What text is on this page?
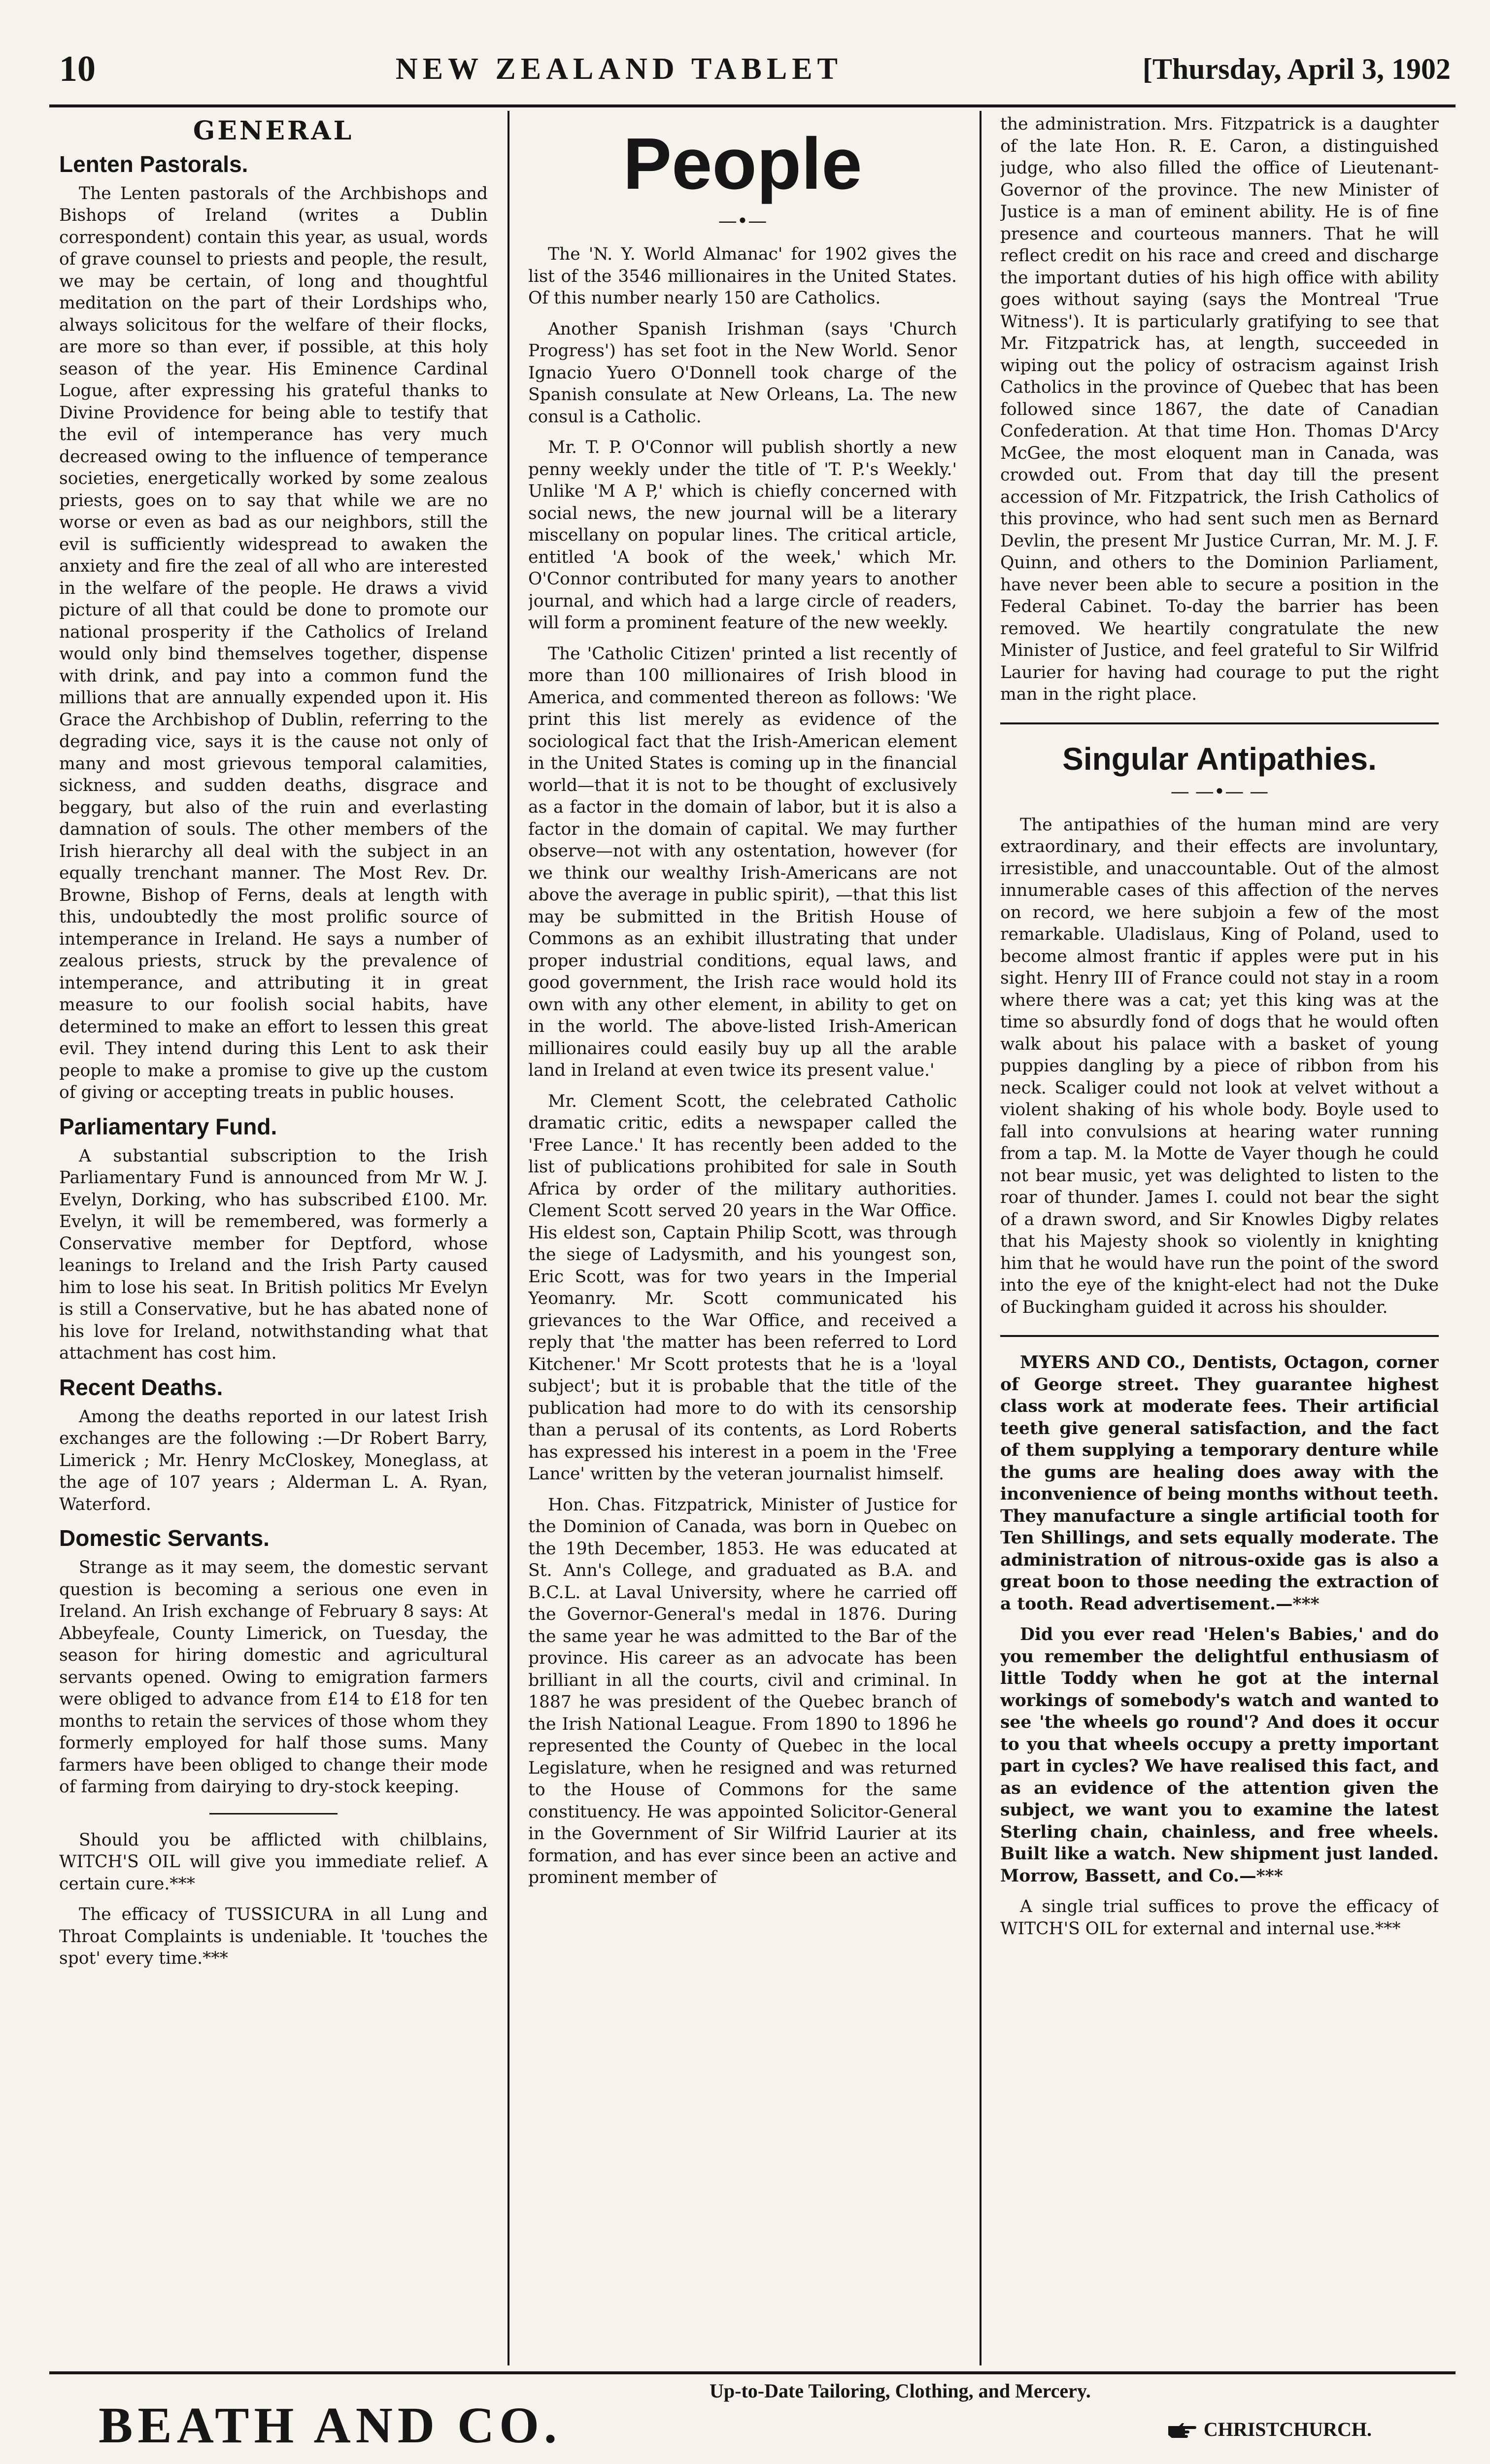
10	NEW ZEALAND TABLET	[Thursday, April 3, 1902
GENERAL
Lenten Pastorals.

The Lenten pastorals of the Archbishops and Bishops of Ireland (writes a Dublin correspondent) contain this year, as usual, words of grave counsel to priests and people, the result, we may be certain, of long and thoughtful meditation on the part of their Lordships who, always solicitous for the welfare of their flocks, are more so than ever, if possible, at this holy season of the year. His Eminence Cardinal Logue, after expressing his grateful thanks to Divine Providence for being able to testify that the evil of intemperance has very much decreased owing to the influence of temperance societies, energetically worked by some zealous priests, goes on to say that while we are no worse or even as bad as our neighbors, still the evil is sufficiently widespread to awaken the anxiety and fire the zeal of all who are interested in the welfare of the people. He draws a vivid picture of all that could be done to promote our national prosperity if the Catholics of Ireland would only bind themselves together, dispense with drink, and pay into a common fund the millions that are annually expended upon it. His Grace the Archbishop of Dublin, referring to the degrading vice, says it is the cause not only of many and most grievous temporal calamities, sickness, and sudden deaths, disgrace and beggary, but also of the ruin and everlasting damnation of souls. The other members of the Irish hierarchy all deal with the subject in an equally trenchant manner. The Most Rev. Dr. Browne, Bishop of Ferns, deals at length with this, undoubtedly the most prolific source of intemperance in Ireland. He says a number of zealous priests, struck by the prevalence of intemperance, and attributing it in great measure to our foolish social habits, have determined to make an effort to lessen this great evil. They intend during this Lent to ask their people to make a promise to give up the custom of giving or accepting treats in public houses.

Parliamentary Fund.

A substantial subscription to the Irish Parliamentary Fund is announced from Mr W. J. Evelyn, Dorking, who has subscribed £100. Mr. Evelyn, it will be remembered, was formerly a Conservative member for Deptford, whose leanings to Ireland and the Irish Party caused him to lose his seat. In British politics Mr Evelyn is still a Conservative, but he has abated none of his love for Ireland, notwithstanding what that attachment has cost him.

Recent Deaths.

Among the deaths reported in our latest Irish exchanges are the following :—Dr Robert Barry, Limerick ; Mr. Henry McCloskey, Moneglass, at the age of 107 years ; Alderman L. A. Ryan, Waterford.

Domestic Servants.

Strange as it may seem, the domestic servant question is becoming a serious one even in Ireland. An Irish exchange of February 8 says: At Abbeyfeale, County Limerick, on Tuesday, the season for hiring domestic and agricultural servants opened. Owing to emigration farmers were obliged to advance from £14 to £18 for ten months to retain the services of those whom they formerly employed for half those sums. Many farmers have been obliged to change their mode of farming from dairying to dry-stock keeping.

Should you be afflicted with chilblains, WITCH'S OIL will give you immediate relief. A certain cure.***

The efficacy of TUSSICURA in all Lung and Throat Complaints is undeniable. It 'touches the spot' every time.***

People
—•—

The 'N. Y. World Almanac' for 1902 gives the list of the 3546 millionaires in the United States. Of this number nearly 150 are Catholics.

Another Spanish Irishman (says 'Church Progress') has set foot in the New World. Senor Ignacio Yuero O'Donnell took charge of the Spanish consulate at New Orleans, La. The new consul is a Catholic.

Mr. T. P. O'Connor will publish shortly a new penny weekly under the title of 'T. P.'s Weekly.' Unlike 'M A P,' which is chiefly concerned with social news, the new journal will be a literary miscellany on popular lines. The critical article, entitled 'A book of the week,' which Mr. O'Connor contributed for many years to another journal, and which had a large circle of readers, will form a prominent feature of the new weekly.

The 'Catholic Citizen' printed a list recently of more than 100 millionaires of Irish blood in America, and commented thereon as follows: 'We print this list merely as evidence of the sociological fact that the Irish-American element in the United States is coming up in the financial world—that it is not to be thought of exclusively as a factor in the domain of labor, but it is also a factor in the domain of capital. We may further observe—not with any ostentation, however (for we think our wealthy Irish-Americans are not above the average in public spirit), —that this list may be submitted in the British House of Commons as an exhibit illustrating that under proper industrial conditions, equal laws, and good government, the Irish race would hold its own with any other element, in ability to get on in the world. The above-listed Irish-American millionaires could easily buy up all the arable land in Ireland at even twice its present value.'

Mr. Clement Scott, the celebrated Catholic dramatic critic, edits a newspaper called the 'Free Lance.' It has recently been added to the list of publications prohibited for sale in South Africa by order of the military authorities. Clement Scott served 20 years in the War Office. His eldest son, Captain Philip Scott, was through the siege of Ladysmith, and his youngest son, Eric Scott, was for two years in the Imperial Yeomanry. Mr. Scott communicated his grievances to the War Office, and received a reply that 'the matter has been referred to Lord Kitchener.' Mr Scott protests that he is a 'loyal subject'; but it is probable that the title of the publication had more to do with its censorship than a perusal of its contents, as Lord Roberts has expressed his interest in a poem in the 'Free Lance' written by the veteran journalist himself.

Hon. Chas. Fitzpatrick, Minister of Justice for the Dominion of Canada, was born in Quebec on the 19th December, 1853. He was educated at St. Ann's College, and graduated as B.A. and B.C.L. at Laval University, where he carried off the Governor-General's medal in 1876. During the same year he was admitted to the Bar of the province. His career as an advocate has been brilliant in all the courts, civil and criminal. In 1887 he was president of the Quebec branch of the Irish National League. From 1890 to 1896 he represented the County of Quebec in the local Legislature, when he resigned and was returned to the House of Commons for the same constituency. He was appointed Solicitor-General in the Government of Sir Wilfrid Laurier at its formation, and has ever since been an active and prominent member of

the administration. Mrs. Fitzpatrick is a daughter of the late Hon. R. E. Caron, a distinguished judge, who also filled the office of Lieutenant-Governor of the province. The new Minister of Justice is a man of eminent ability. He is of fine presence and courteous manners. That he will reflect credit on his race and creed and discharge the important duties of his high office with ability goes without saying (says the Montreal 'True Witness'). It is particularly gratifying to see that Mr. Fitzpatrick has, at length, succeeded in wiping out the policy of ostracism against Irish Catholics in the province of Quebec that has been followed since 1867, the date of Canadian Confederation. At that time Hon. Thomas D'Arcy McGee, the most eloquent man in Canada, was crowded out. From that day till the present accession of Mr. Fitzpatrick, the Irish Catholics of this province, who had sent such men as Bernard Devlin, the present Mr Justice Curran, Mr. M. J. F. Quinn, and others to the Dominion Parliament, have never been able to secure a position in the Federal Cabinet. To-day the barrier has been removed. We heartily congratulate the new Minister of Justice, and feel grateful to Sir Wilfrid Laurier for having had courage to put the right man in the right place.

Singular Antipathies.
— —•— —

The antipathies of the human mind are very extraordinary, and their effects are involuntary, irresistible, and unaccountable. Out of the almost innumerable cases of this affection of the nerves on record, we here subjoin a few of the most remarkable. Uladislaus, King of Poland, used to become almost frantic if apples were put in his sight. Henry III of France could not stay in a room where there was a cat; yet this king was at the time so absurdly fond of dogs that he would often walk about his palace with a basket of young puppies dangling by a piece of ribbon from his neck. Scaliger could not look at velvet without a violent shaking of his whole body. Boyle used to fall into convulsions at hearing water running from a tap. M. la Motte de Vayer though he could not bear music, yet was delighted to listen to the roar of thunder. James I. could not bear the sight of a drawn sword, and Sir Knowles Digby relates that his Majesty shook so violently in knighting him that he would have run the point of the sword into the eye of the knight-elect had not the Duke of Buckingham guided it across his shoulder.

MYERS AND CO., Dentists, Octagon, corner of George street. They guarantee highest class work at moderate fees. Their artificial teeth give general satisfaction, and the fact of them supplying a temporary denture while the gums are healing does away with the inconvenience of being months without teeth. They manufacture a single artificial tooth for Ten Shillings, and sets equally moderate. The administration of nitrous-oxide gas is also a great boon to those needing the extraction of a tooth. Read advertisement.—***

Did you ever read 'Helen's Babies,' and do you remember the delightful enthusiasm of little Toddy when he got at the internal workings of somebody's watch and wanted to see 'the wheels go round'? And does it occur to you that wheels occupy a pretty important part in cycles? We have realised this fact, and as an evidence of the attention given the subject, we want you to examine the latest Sterling chain, chainless, and free wheels. Built like a watch. New shipment just landed. Morrow, Bassett, and Co.—***

A single trial suffices to prove the efficacy of WITCH'S OIL for external and internal use.***

BEATH AND CO.
Up-to-Date Tailoring, Clothing, and Mercery.
CHRISTCHURCH.
